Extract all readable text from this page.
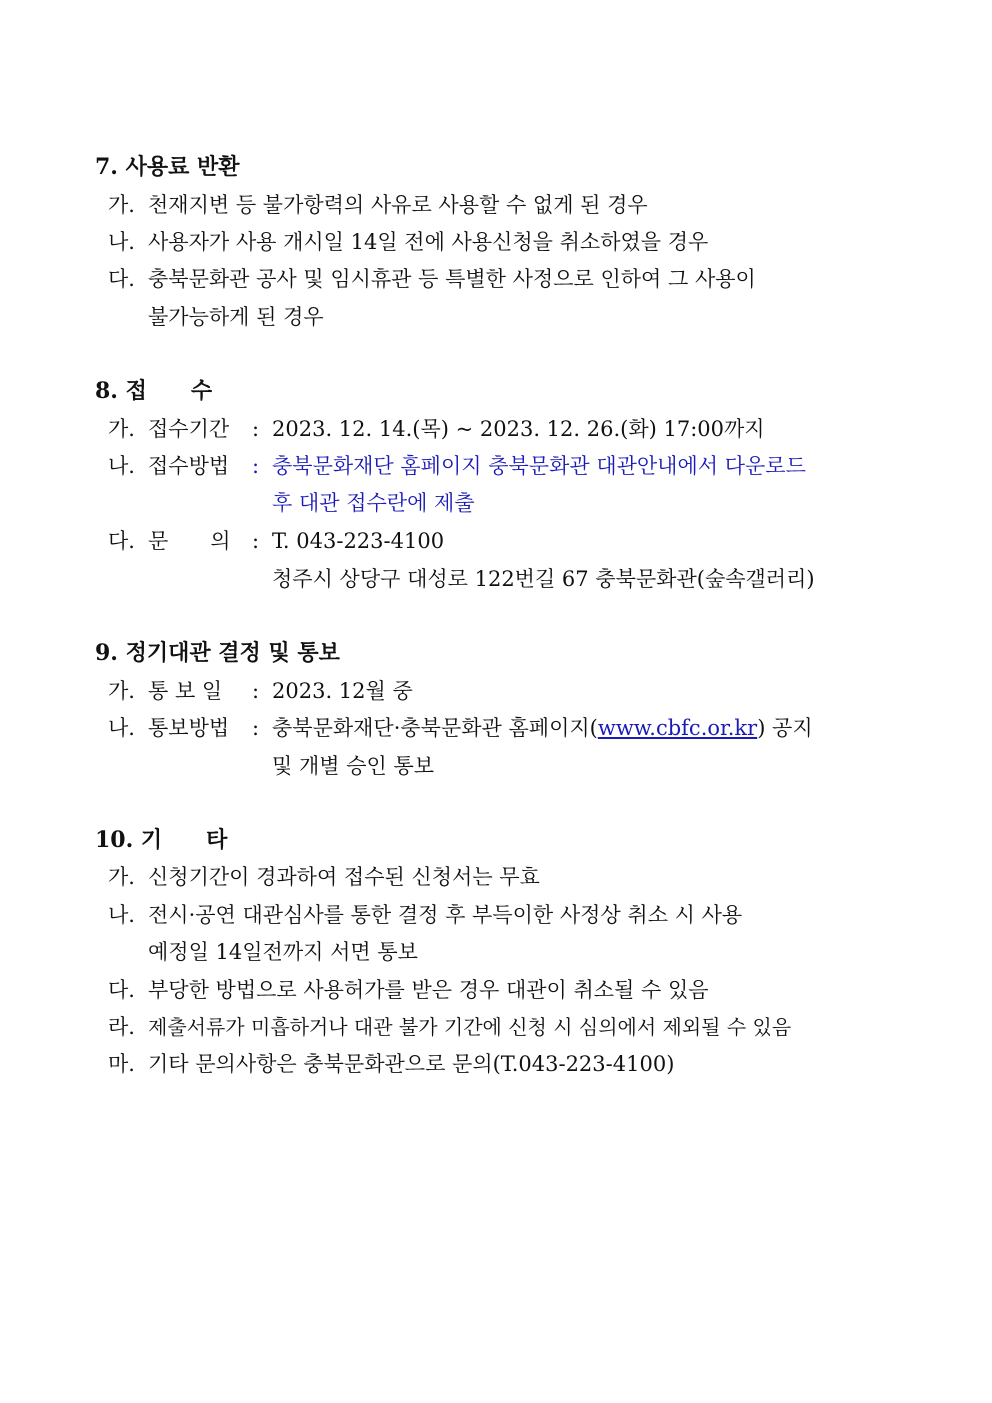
7. 사용료 반환
가. 천재지변 등 불가항력의 사유로 사용할 수 없게 된 경우
나. 사용자가 사용 개시일 14일 전에 사용신청을 취소하였을 경우
다. 충북문화관 공사 및 임시휴관 등 특별한 사정으로 인하여 그 사용이
불가능하게 된 경우
8. 접　　수
가. 접수기간 : 2023. 12. 14.(목) ~ 2023. 12. 26.(화) 17:00까지
나. 접수방법 : 충북문화재단 홈페이지 충북문화관 대관안내에서 다운로드
후 대관 접수란에 제출
다. 문　　의 : T. 043-223-4100
청주시 상당구 대성로 122번길 67 충북문화관(숲속갤러리)
9. 정기대관 결정 및 통보
가. 통 보 일 : 2023. 12월 중
나. 통보방법 : 충북문화재단·충북문화관 홈페이지(www.cbfc.or.kr) 공지
및 개별 승인 통보
10. 기　　타
가. 신청기간이 경과하여 접수된 신청서는 무효
나. 전시·공연 대관심사를 통한 결정 후 부득이한 사정상 취소 시 사용
예정일 14일전까지 서면 통보
다. 부당한 방법으로 사용허가를 받은 경우 대관이 취소될 수 있음
라. 제출서류가 미흡하거나 대관 불가 기간에 신청 시 심의에서 제외될 수 있음
마. 기타 문의사항은 충북문화관으로 문의(T.043-223-4100)
